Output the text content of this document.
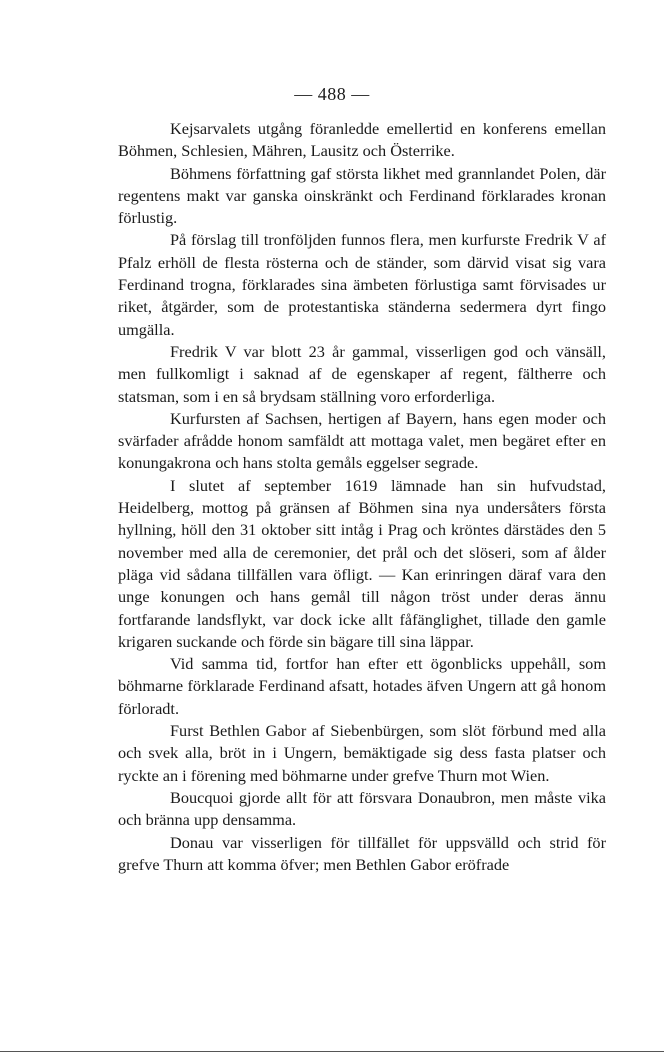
— 488 —

Kejsarvalets utgång föranledde emellertid en konferens emellan Böhmen, Schlesien, Mähren, Lausitz och Österrike.

Böhmens författning gaf största likhet med grannlandet Polen, där regentens makt var ganska oinskränkt och Ferdinand förklarades kronan förlustig.

På förslag till tronföljden funnos flera, men kurfurste Fredrik V af Pfalz erhöll de flesta rösterna och de ständer, som därvid visat sig vara Ferdinand trogna, förklarades sina ämbeten förlustiga samt förvisades ur riket, åtgärder, som de protestantiska ständerna sedermera dyrt fingo umgälla.

Fredrik V var blott 23 år gammal, visserligen god och vänsäll, men fullkomligt i saknad af de egenskaper af regent, fältherre och statsman, som i en så brydsam ställning voro erforderliga.

Kurfursten af Sachsen, hertigen af Bayern, hans egen moder och svärfader afrådde honom samfäldt att mottaga valet, men begäret efter en konungakrona och hans stolta gemåls eggelser segrade.

I slutet af september 1619 lämnade han sin hufvudstad, Heidelberg, mottog på gränsen af Böhmen sina nya undersåters första hyllning, höll den 31 oktober sitt intåg i Prag och kröntes därstädes den 5 november med alla de ceremonier, det prål och det slöseri, som af ålder pläga vid sådana tillfällen vara öfligt. — Kan erinringen däraf vara den unge konungen och hans gemål till någon tröst under deras ännu fortfarande landsflykt, var dock icke allt fåfänglighet, tillade den gamle krigaren suckande och förde sin bägare till sina läppar.

Vid samma tid, fortfor han efter ett ögonblicks uppehåll, som böhmarne förklarade Ferdinand afsatt, hotades äfven Ungern att gå honom förloradt.

Furst Bethlen Gabor af Siebenbürgen, som slöt förbund med alla och svek alla, bröt in i Ungern, bemäktigade sig dess fasta platser och ryckte an i förening med böhmarne under grefve Thurn mot Wien.

Boucquoi gjorde allt för att försvara Donaubron, men måste vika och bränna upp densamma.

Donau var visserligen för tillfället för uppsvälld och strid för grefve Thurn att komma öfver; men Bethlen Gabor eröfrade
